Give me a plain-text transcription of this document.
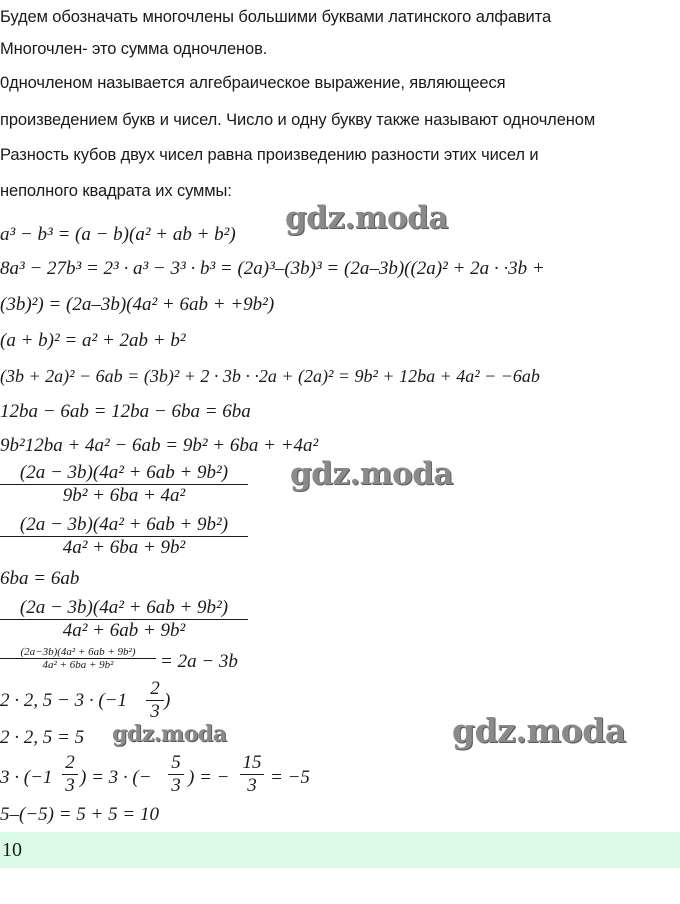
Будем обозначать многочлены большими буквами латинского алфавита
Многочлен- это сумма одночленов.
0дночленом называется алгебраическое выражение, являющееся
произведением букв и чисел. Число и одну букву также называют одночленом
Разность кубов двух чисел равна произведению разности этих чисел и
неполного квадрата их суммы:
a³ − b³ = (a − b)(a² + ab + b²)
8a³ − 27b³ = 2³ · a³ − 3³ · b³ = (2a)³–(3b)³ = (2a–3b)((2a)² + 2a · ·3b +
(3b)²) = (2a–3b)(4a² + 6ab + +9b²)
(a + b)² = a² + 2ab + b²
(3b + 2a)² − 6ab = (3b)² + 2 · 3b · ·2a + (2a)² = 9b² + 12ba + 4a² − −6ab
12ba − 6ab = 12ba − 6ba = 6ba
9b²12ba + 4a² − 6ab = 9b² + 6ba + +4a²
(2a − 3b)(4a² + 6ab + 9b²)
9b² + 6ba + 4a²
(2a − 3b)(4a² + 6ab + 9b²)
4a² + 6ba + 9b²
6ba = 6ab
(2a − 3b)(4a² + 6ab + 9b²)
4a² + 6ab + 9b²
(2a−3b)(4a² + 6ab + 9b²)
4a² + 6ba + 9b²	= 2a − 3b
2 · 2, 5 − 3 · (−1
2
3
)
2 · 2, 5 = 5
3 · (−1
2
3 ) = 3 · (−
5
3 ) = −
15
3 = −5
5–(−5) = 5 + 5 = 10
10
gdz.moda
gdz.moda
gdz.moda	gdz.moda
